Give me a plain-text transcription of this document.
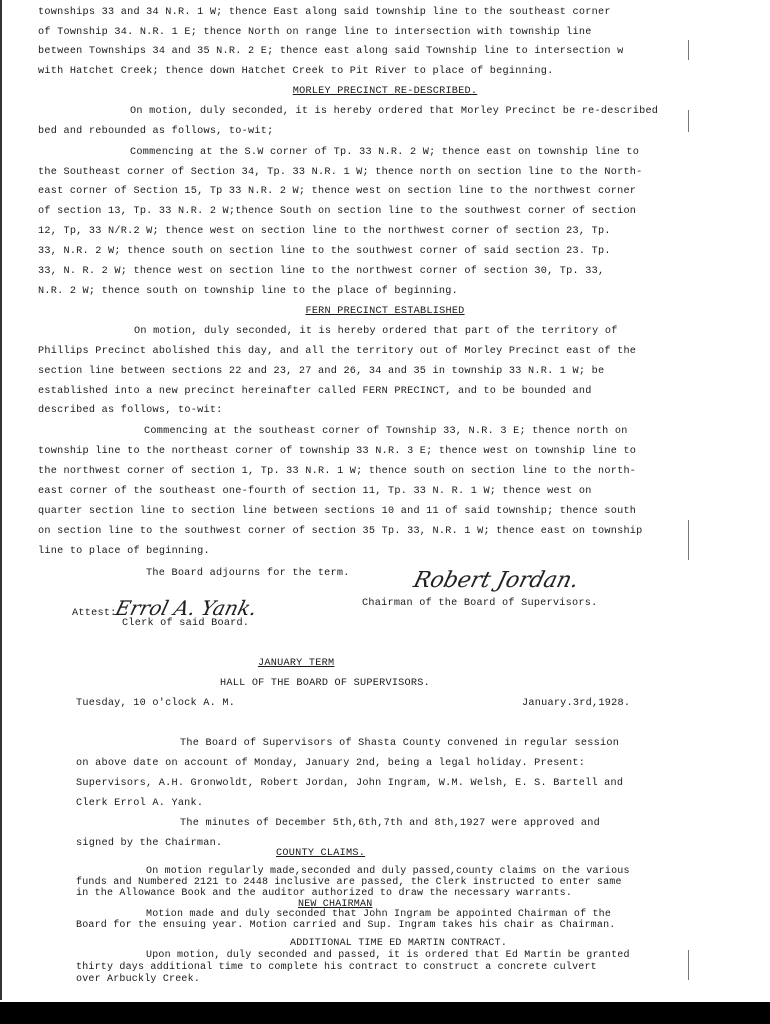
townships 33 and 34 N.R. 1 W; thence East along said township line to the southeast corner
of Township 34. N.R. 1 E; thence North on range line to intersection with township line
between Townships 34 and 35 N.R. 2 E; thence east along said Township line to intersection w
with Hatchet Creek; thence down Hatchet Creek to Pit River to place of beginning.
MORLEY PRECINCT RE-DESCRIBED.
On motion, duly seconded, it is hereby ordered that Morley Precinct be re-described
bed and rebounded as follows, to-wit;
Commencing at the S.W corner of Tp. 33 N.R. 2 W; thence east on township line to
the Southeast corner of Section 34, Tp. 33 N.R. 1 W; thence north on section line to the North-
east corner of Section 15, Tp 33 N.R. 2 W; thence west on section line to the northwest corner
of section 13, Tp. 33 N.R. 2 W;thence South on section line to the southwest corner of section
12, Tp, 33 N/R.2 W; thence west on section line to the northwest corner of section 23, Tp.
33, N.R. 2 W; thence south on section line to the southwest corner of said section 23. Tp.
33, N. R. 2 W; thence west on section line to the northwest corner of section 30, Tp. 33,
N.R. 2 W; thence south on township line to the place of beginning.
FERN PRECINCT ESTABLISHED
On motion, duly seconded, it is hereby ordered that part of the territory of
Phillips Precinct abolished this day, and all the territory out of Morley Precinct east of the
section line between sections 22 and 23, 27 and 26, 34 and 35 in township 33 N.R. 1 W; be
established into a new precinct hereinafter called FERN PRECINCT, and to be bounded and
described as follows, to-wit:
Commencing at the southeast corner of Township 33, N.R. 3 E; thence north on
township line to the northeast corner of township 33 N.R. 3 E; thence west on township line to
the northwest corner of section 1, Tp. 33 N.R. 1 W; thence south on section line to the north-
east corner of the southeast one-fourth of section 11, Tp. 33 N. R. 1 W; thence west on
quarter section line to section line between sections 10 and 11 of said township; thence south
on section line to the southwest corner of section 35 Tp. 33, N.R. 1 W; thence east on township
line to place of beginning.
The Board adjourns for the term.	Robert Jordan.
Chairman of the Board of Supervisors.
Attest:
Errol A. Yank.
Clerk of said Board.
JANUARY TERM
HALL OF THE BOARD OF SUPERVISORS.
Tuesday, 10 o'clock A. M.	January.3rd,1928.
The Board of Supervisors of Shasta County convened in regular session
on above date on account of Monday, January 2nd, being a legal holiday. Present:
Supervisors, A.H. Gronwoldt, Robert Jordan, John Ingram, W.M. Welsh, E. S. Bartell and
Clerk Errol A. Yank.
The minutes of December 5th,6th,7th and 8th,1927 were approved and
signed by the Chairman.
COUNTY CLAIMS.
On motion regularly made,seconded and duly passed,county claims on the various
funds and Numbered 2121 to 2448 inclusive are passed, the Clerk instructed to enter same
in the Allowance Book and the auditor authorized to draw the necessary warrants.
NEW CHAIRMAN
Motion made and duly seconded that John Ingram be appointed Chairman of the
Board for the ensuing year. Motion carried and Sup. Ingram takes his chair as Chairman.
ADDITIONAL TIME ED MARTIN CONTRACT.
Upon motion, duly seconded and passed, it is ordered that Ed Martin be granted
thirty days additional time to complete his contract to construct a concrete culvert
over Arbuckly Creek.
